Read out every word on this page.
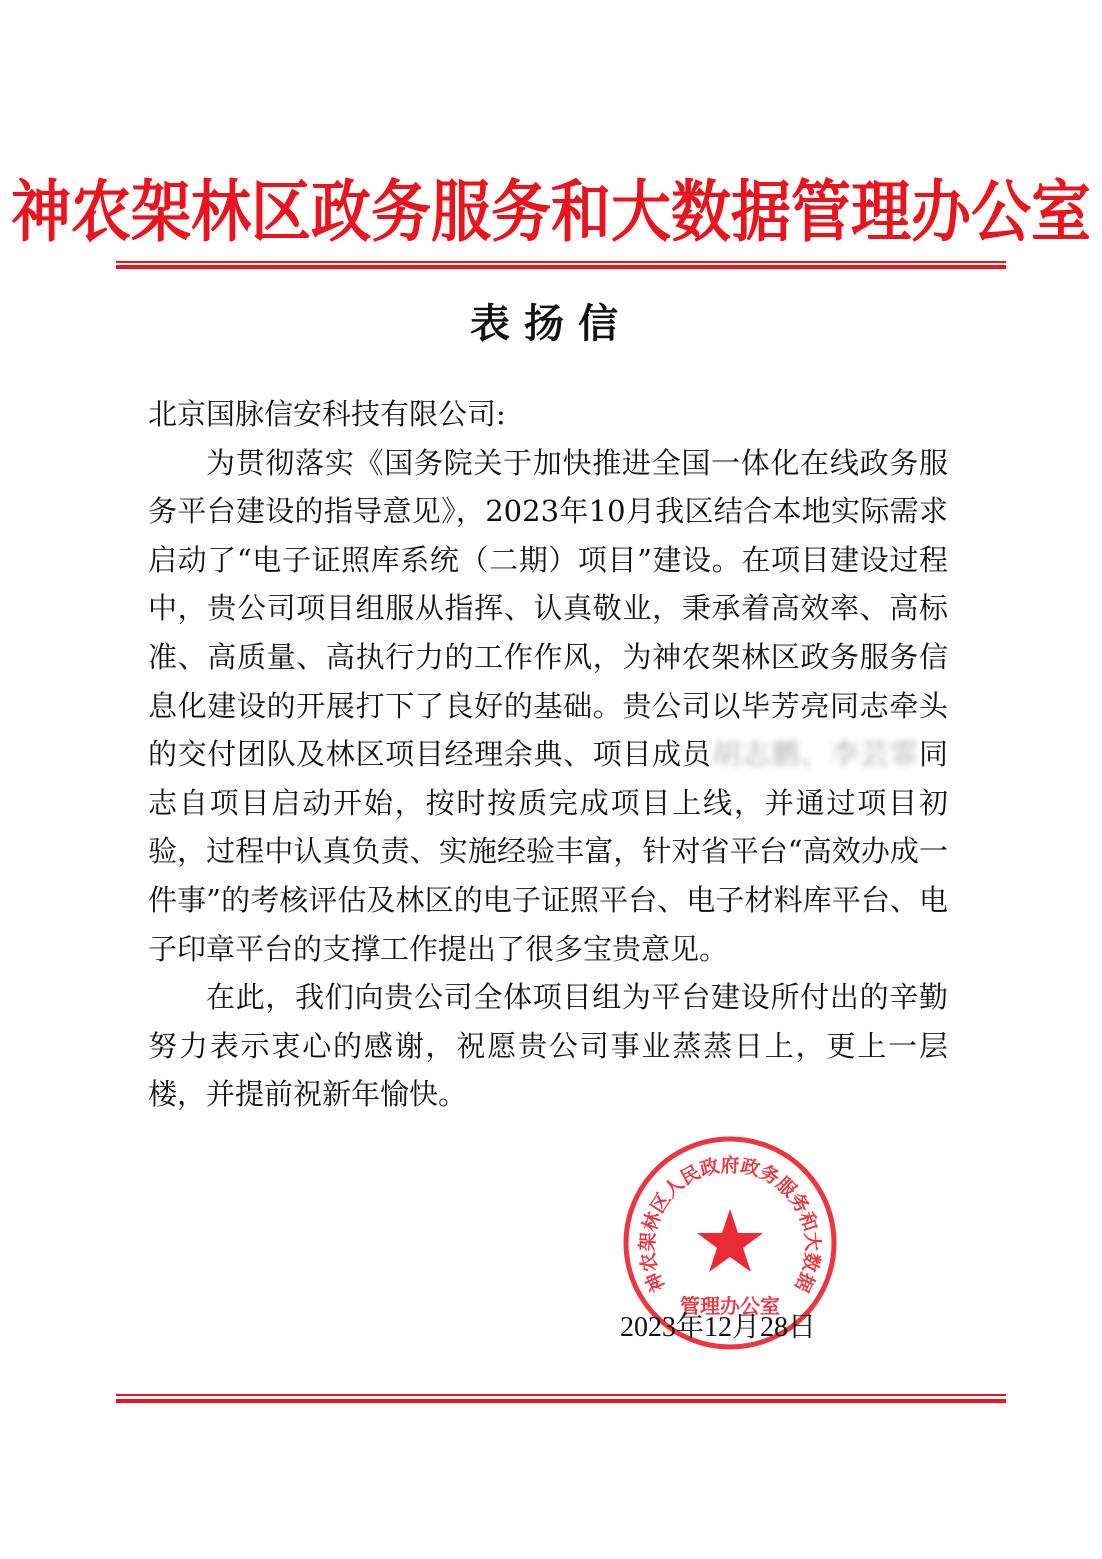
神农架林区政务服务和大数据管理办公室
表扬信

北京国脉信安科技有限公司:

为贯彻落实《国务院关于加快推进全国一体化在线政务服务平台建设的指导意见》，2023年10月我区结合本地实际需求启动了“电子证照库系统（二期）项目”建设。在项目建设过程中，贵公司项目组服从指挥、认真敬业，秉承着高效率、高标准、高质量、高执行力的工作作风，为神农架林区政务服务信息化建设的开展打下了良好的基础。贵公司以毕芳亮同志牵头的交付团队及林区项目经理余典、项目成员胡志鹏、李芸霏同志自项目启动开始，按时按质完成项目上线，并通过项目初验，过程中认真负责、实施经验丰富，针对省平台“高效办成一件事”的考核评估及林区的电子证照平台、电子材料库平台、电子印章平台的支撑工作提出了很多宝贵意见。

在此，我们向贵公司全体项目组为平台建设所付出的辛勤努力表示衷心的感谢，祝愿贵公司事业蒸蒸日上，更上一层楼，并提前祝新年愉快。

神农架林区人民政府政务服务和大数据
管理办公室
2023年12月28日
